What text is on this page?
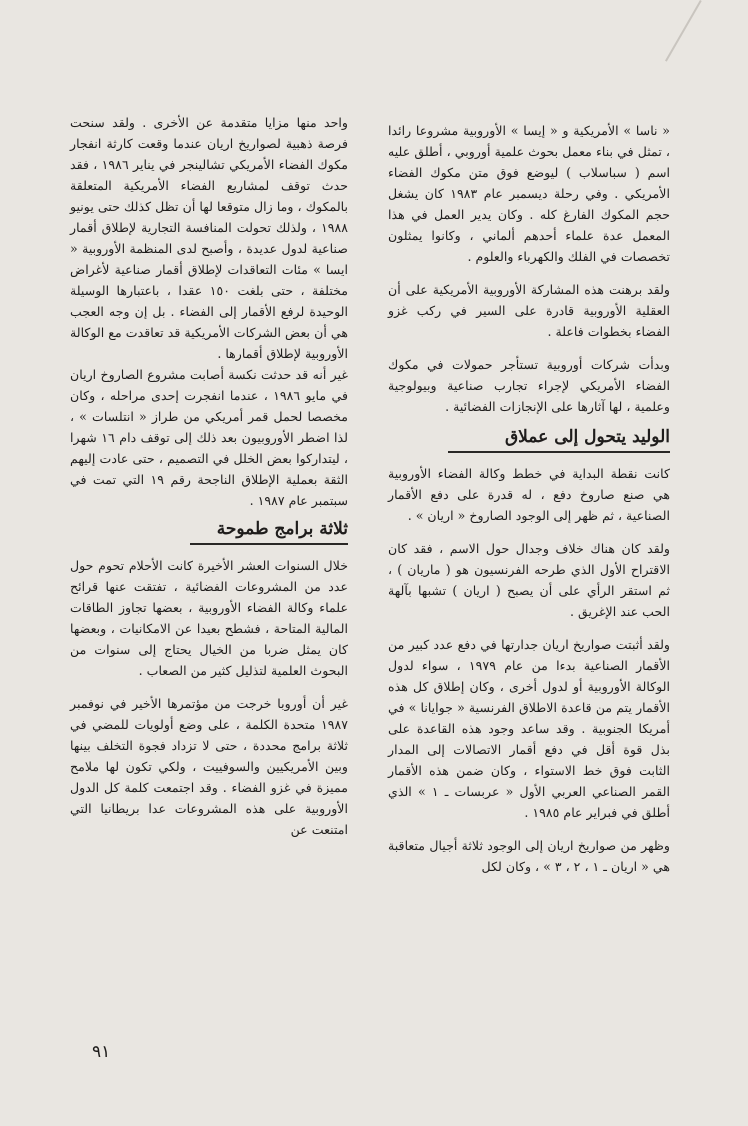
« ناسا » الأمريكية و « إيسا » الأوروبية مشروعا رائدا ، تمثل في بناء معمل بحوث علمية أوروبي ، أطلق عليه اسم ( سباسلاب ) ليوضع فوق متن مكوك الفضاء الأمريكي . وفي رحلة ديسمبر عام ١٩٨٣ كان يشغل حجم المكوك الفارغ كله . وكان يدير العمل في هذا المعمل عدة علماء أحدهم ألماني ، وكانوا يمثلون تخصصات في الفلك والكهرباء والعلوم .

ولقد برهنت هذه المشاركة الأوروبية الأمريكية على أن العقلية الأوروبية قادرة على السير في ركب غزو الفضاء بخطوات فاعلة .

وبدأت شركات أوروبية تستأجر حمولات في مكوك الفضاء الأمريكي لإجراء تجارب صناعية وبيولوجية وعلمية ، لها آثارها على الإنجازات الفضائية .

الوليد يتحول إلى عملاق

كانت نقطة البداية في خطط وكالة الفضاء الأوروبية هي صنع صاروخ دفع ، له قدرة على دفع الأقمار الصناعية ، ثم ظهر إلى الوجود الصاروخ « اريان » .

ولقد كان هناك خلاف وجدال حول الاسم ، فقد كان الاقتراح الأول الذي طرحه الفرنسيون هو ( ماريان ) ، ثم استقر الرأي على أن يصبح ( اريان ) تشبها بآلهة الحب عند الإغريق .

ولقد أثبتت صواريخ اريان جدارتها في دفع عدد كبير من الأقمار الصناعية بدءا من عام ١٩٧٩ ، سواء لدول الوكالة الأوروبية أو لدول أخرى ، وكان إطلاق كل هذه الأقمار يتم من قاعدة الاطلاق الفرنسية « جوايانا » في أمريكا الجنوبية . وقد ساعد وجود هذه القاعدة على بذل قوة أقل في دفع أقمار الاتصالات إلى المدار الثابت فوق خط الاستواء ، وكان ضمن هذه الأقمار القمر الصناعي العربي الأول « عربسات ـ ١ » الذي أطلق في فبراير عام ١٩٨٥ .

وظهر من صواريخ اريان إلى الوجود ثلاثة أجيال متعاقبة هي « اريان ـ ١ ، ٢ ، ٣ » ، وكان لكل

واحد منها مزايا متقدمة عن الأخرى . ولقد سنحت فرصة ذهبية لصواريخ اريان عندما وقعت كارثة انفجار مكوك الفضاء الأمريكي تشالينجر في يناير ١٩٨٦ ، فقد حدث توقف لمشاريع الفضاء الأمريكية المتعلقة بالمكوك ، وما زال متوقعا لها أن تظل كذلك حتى يونيو ١٩٨٨ ، ولذلك تحولت المنافسة التجارية لإطلاق أقمار صناعية لدول عديدة ، وأصبح لدى المنظمة الأوروبية « ايسا » مئات التعاقدات لإطلاق أقمار صناعية لأغراض مختلفة ، حتى بلغت ١٥٠ عقدا ، باعتبارها الوسيلة الوحيدة لرفع الأقمار إلى الفضاء . بل إن وجه العجب هي أن بعض الشركات الأمريكية قد تعاقدت مع الوكالة الأوروبية لإطلاق أقمارها .

غير أنه قد حدثت نكسة أصابت مشروع الصاروخ اريان في مايو ١٩٨٦ ، عندما انفجرت إحدى مراحله ، وكان مخصصا لحمل قمر أمريكي من طراز « انتلسات » ، لذا اضطر الأوروبيون بعد ذلك إلى توقف دام ١٦ شهرا ، ليتداركوا بعض الخلل في التصميم ، حتى عادت إليهم الثقة بعملية الإطلاق الناجحة رقم ١٩ التي تمت في سبتمبر عام ١٩٨٧ .

ثلاثة برامج طموحة

خلال السنوات العشر الأخيرة كانت الأحلام تحوم حول عدد من المشروعات الفضائية ، تفتقت عنها قرائح علماء وكالة الفضاء الأوروبية ، بعضها تجاوز الطاقات المالية المتاحة ، فشطح بعيدا عن الامكانيات ، وبعضها كان يمثل ضربا من الخيال يحتاج إلى سنوات من البحوث العلمية لتذليل كثير من الصعاب .

غير أن أوروبا خرجت من مؤتمرها الأخير في نوفمبر ١٩٨٧ متحدة الكلمة ، على وضع أولويات للمضي في ثلاثة برامج محددة ، حتى لا تزداد فجوة التخلف بينها وبين الأمريكيين والسوفييت ، ولكي تكون لها ملامح مميزة في غزو الفضاء . وقد اجتمعت كلمة كل الدول الأوروبية على هذه المشروعات عدا بريطانيا التي امتنعت عن

٩١
